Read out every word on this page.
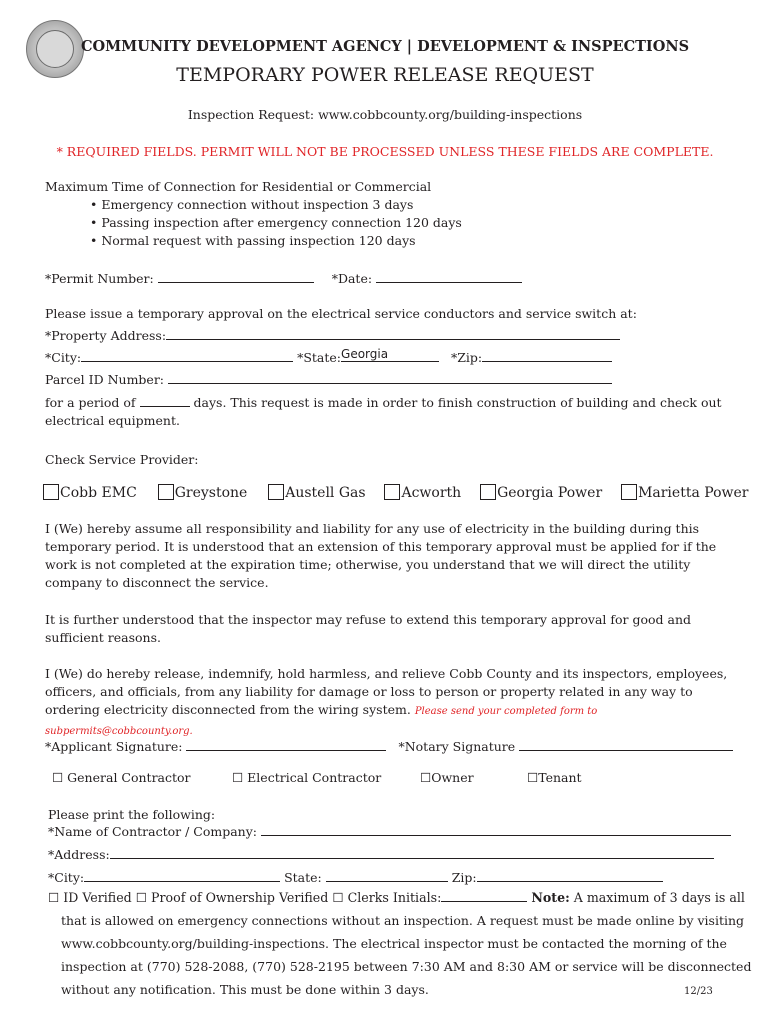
COMMUNITY DEVELOPMENT AGENCY | DEVELOPMENT & INSPECTIONS
TEMPORARY POWER RELEASE REQUEST
Inspection Request: www.cobbcounty.org/building-inspections
* REQUIRED FIELDS. PERMIT WILL NOT BE PROCESSED UNLESS THESE FIELDS ARE COMPLETE.
Maximum Time of Connection for Residential or Commercial
• Emergency connection without inspection 3 days
• Passing inspection after emergency connection 120 days
• Normal request with passing inspection 120 days
*Permit Number:	*Date:
Please issue a temporary approval on the electrical service conductors and service switch at:
*Property Address:
*City:	*State: Georgia	*Zip:
Parcel ID Number:
for a period of	days. This request is made in order to finish construction of building and check out
electrical equipment.
Check Service Provider:
Cobb EMC	Greystone	Austell Gas	Acworth	Georgia Power	Marietta Power
I (We) hereby assume all responsibility and liability for any use of electricity in the building during this temporary period. It is understood that an extension of this temporary approval must be applied for if the work is not completed at the expiration time; otherwise, you understand that we will direct the utility company to disconnect the service.
It is further understood that the inspector may refuse to extend this temporary approval for good and sufficient reasons.
I (We) do hereby release, indemnify, hold harmless, and relieve Cobb County and its inspectors, employees, officers, and officials, from any liability for damage or loss to person or property related in any way to ordering electricity disconnected from the wiring system. Please send your completed form to subpermits@cobbcounty.org.
*Applicant Signature:	*Notary Signature
☐ General Contractor	☐ Electrical Contractor	☐Owner	☐Tenant
Please print the following:
*Name of Contractor / Company:
*Address:
*City:	State:	Zip:
☐ ID Verified ☐ Proof of Ownership Verified ☐ Clerks Initials:	Note: A maximum of 3 days is all
that is allowed on emergency connections without an inspection. A request must be made online by visiting
www.cobbcounty.org/building-inspections. The electrical inspector must be contacted the morning of the
inspection at (770) 528-2088, (770) 528-2195 between 7:30 AM and 8:30 AM or service will be disconnected
without any notification. This must be done within 3 days.	12/23
